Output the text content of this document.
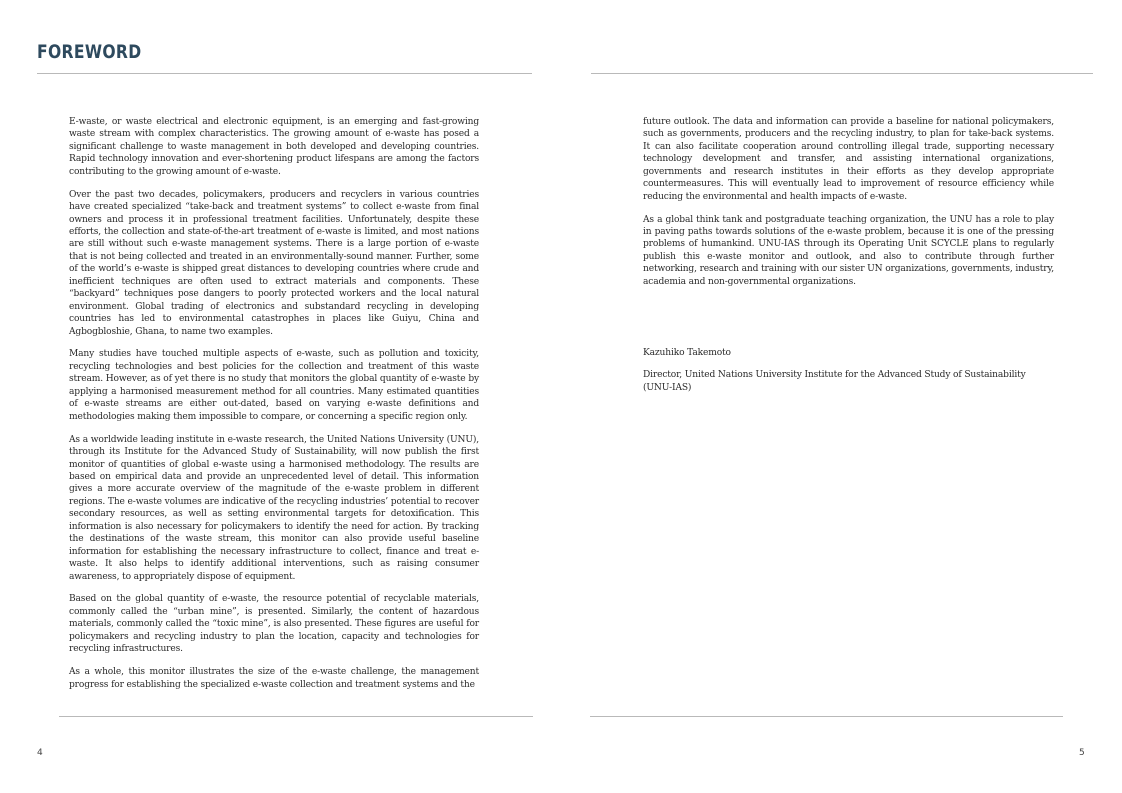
FOREWORD

E-waste, or waste electrical and electronic equipment, is an emerging and fast-growing waste stream with complex characteristics. The growing amount of e-waste has posed a significant challenge to waste management in both developed and developing countries. Rapid technology innovation and ever-shortening product lifespans are among the factors contributing to the growing amount of e-waste.

Over the past two decades, policymakers, producers and recyclers in various countries have created specialized “take-back and treatment systems” to collect e-waste from final owners and process it in professional treatment facilities. Unfortunately, despite these efforts, the collection and state-of-the-art treatment of e-waste is limited, and most nations are still without such e-waste management systems. There is a large portion of e-waste that is not being collected and treated in an environmentally-sound manner. Further, some of the world’s e-waste is shipped great distances to developing countries where crude and inefficient techniques are often used to extract materials and components. These “backyard” techniques pose dangers to poorly protected workers and the local natural environment. Global trading of electronics and substandard recycling in developing countries has led to environmental catastrophes in places like Guiyu, China and Agbogbloshie, Ghana, to name two examples.

Many studies have touched multiple aspects of e-waste, such as pollution and toxicity, recycling technologies and best policies for the collection and treatment of this waste stream. However, as of yet there is no study that monitors the global quantity of e-waste by applying a harmonised measurement method for all countries. Many estimated quantities of e-waste streams are either out-dated, based on varying e-waste definitions and methodologies making them impossible to compare, or concerning a specific region only.

As a worldwide leading institute in e-waste research, the United Nations University (UNU), through its Institute for the Advanced Study of Sustainability, will now publish the first monitor of quantities of global e-waste using a harmonised methodology. The results are based on empirical data and provide an unprecedented level of detail. This information gives a more accurate overview of the magnitude of the e-waste problem in different regions. The e-waste volumes are indicative of the recycling industries’ potential to recover secondary resources, as well as setting environmental targets for detoxification. This information is also necessary for policymakers to identify the need for action. By tracking the destinations of the waste stream, this monitor can also provide useful baseline information for establishing the necessary infrastructure to collect, finance and treat e-waste. It also helps to identify additional interventions, such as raising consumer awareness, to appropriately dispose of equipment.

Based on the global quantity of e-waste, the resource potential of recyclable materials, commonly called the “urban mine”, is presented. Similarly, the content of hazardous materials, commonly called the “toxic mine”, is also presented. These figures are useful for policymakers and recycling industry to plan the location, capacity and technologies for recycling infrastructures.

As a whole, this monitor illustrates the size of the e-waste challenge, the management progress for establishing the specialized e-waste collection and treatment systems and the

future outlook. The data and information can provide a baseline for national policymakers, such as governments, producers and the recycling industry, to plan for take-back systems. It can also facilitate cooperation around controlling illegal trade, supporting necessary technology development and transfer, and assisting international organizations, governments and research institutes in their efforts as they develop appropriate countermeasures. This will eventually lead to improvement of resource efficiency while reducing the environmental and health impacts of e-waste.

As a global think tank and postgraduate teaching organization, the UNU has a role to play in paving paths towards solutions of the e-waste problem, because it is one of the pressing problems of humankind. UNU-IAS through its Operating Unit SCYCLE plans to regularly publish this e-waste monitor and outlook, and also to contribute through further networking, research and training with our sister UN organizations, governments, industry, academia and non-governmental organizations.

Kazuhiko Takemoto

Director, United Nations University Institute for the Advanced Study of Sustainability

(UNU-IAS)

4	5
